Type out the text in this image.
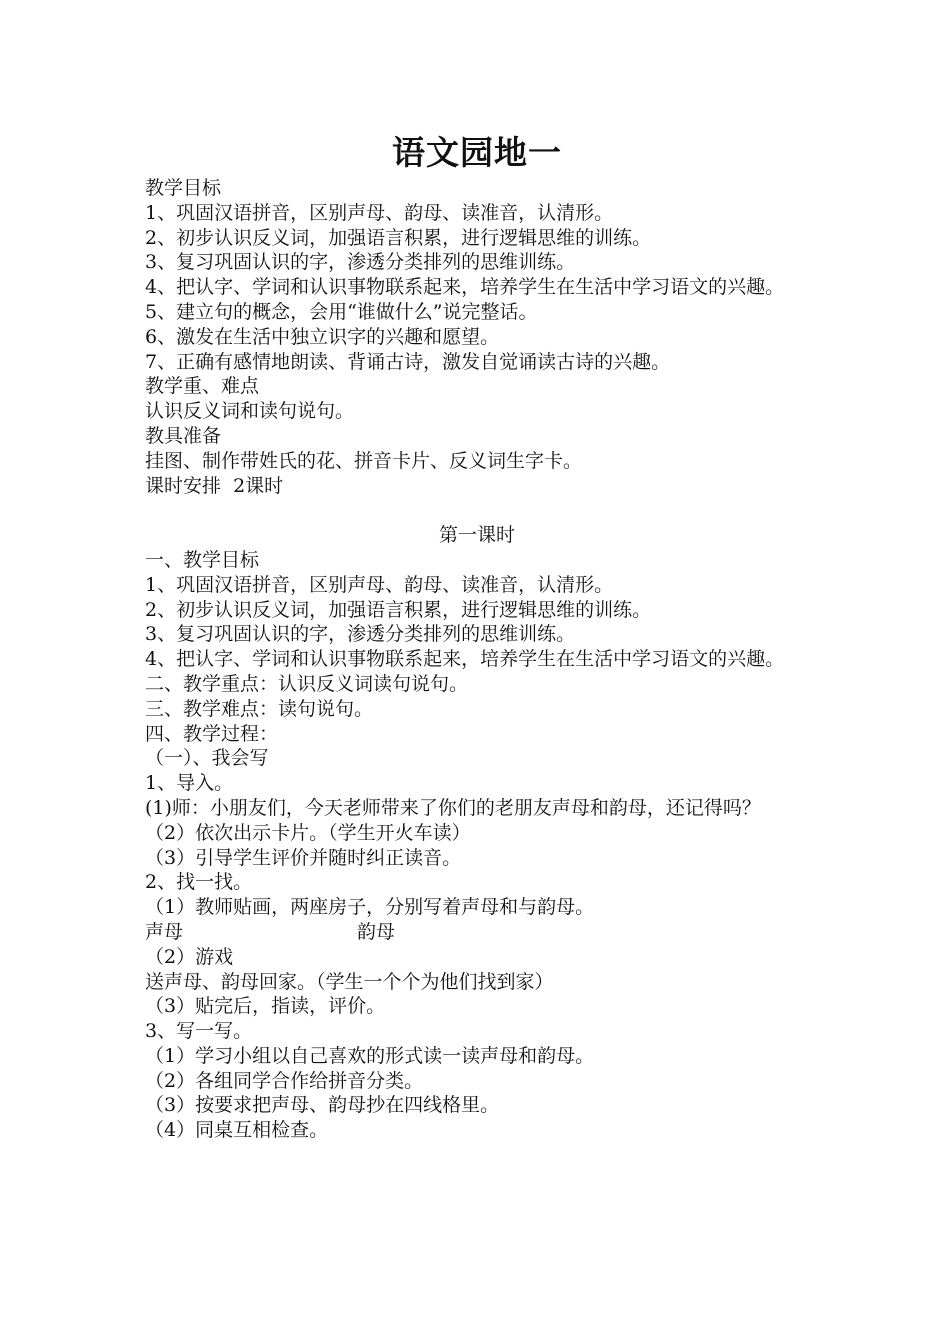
语文园地一

教学目标

1、巩固汉语拼音，区别声母、韵母、读准音，认清形。

2、初步认识反义词，加强语言积累，进行逻辑思维的训练。

3、复习巩固认识的字，渗透分类排列的思维训练。

4、把认字、学词和认识事物联系起来，培养学生在生活中学习语文的兴趣。

5、建立句的概念，会用“谁做什么”说完整话。

6、激发在生活中独立识字的兴趣和愿望。

7、正确有感情地朗读、背诵古诗，激发自觉诵读古诗的兴趣。

教学重、难点

认识反义词和读句说句。

教具准备

挂图、制作带姓氏的花、拼音卡片、反义词生字卡。

课时安排  2课时

第一课时

一、教学目标

1、巩固汉语拼音，区别声母、韵母、读准音，认清形。

2、初步认识反义词，加强语言积累，进行逻辑思维的训练。

3、复习巩固认识的字，渗透分类排列的思维训练。

4、把认字、学词和认识事物联系起来，培养学生在生活中学习语文的兴趣。

二、教学重点：认识反义词读句说句。

三、教学难点：读句说句。

四、教学过程：

（一）、我会写

1、导入。

(1)师：小朋友们，今天老师带来了你们的老朋友声母和韵母，还记得吗？

（2）依次出示卡片。（学生开火车读）

（3）引导学生评价并随时纠正读音。

2、找一找。

（1）教师贴画，两座房子，分别写着声母和与韵母。

声母	韵母

（2）游戏

送声母、韵母回家。（学生一个个为他们找到家）

（3）贴完后，指读，评价。

3、写一写。

（1）学习小组以自己喜欢的形式读一读声母和韵母。

（2）各组同学合作给拼音分类。

（3）按要求把声母、韵母抄在四线格里。

（4）同桌互相检查。
